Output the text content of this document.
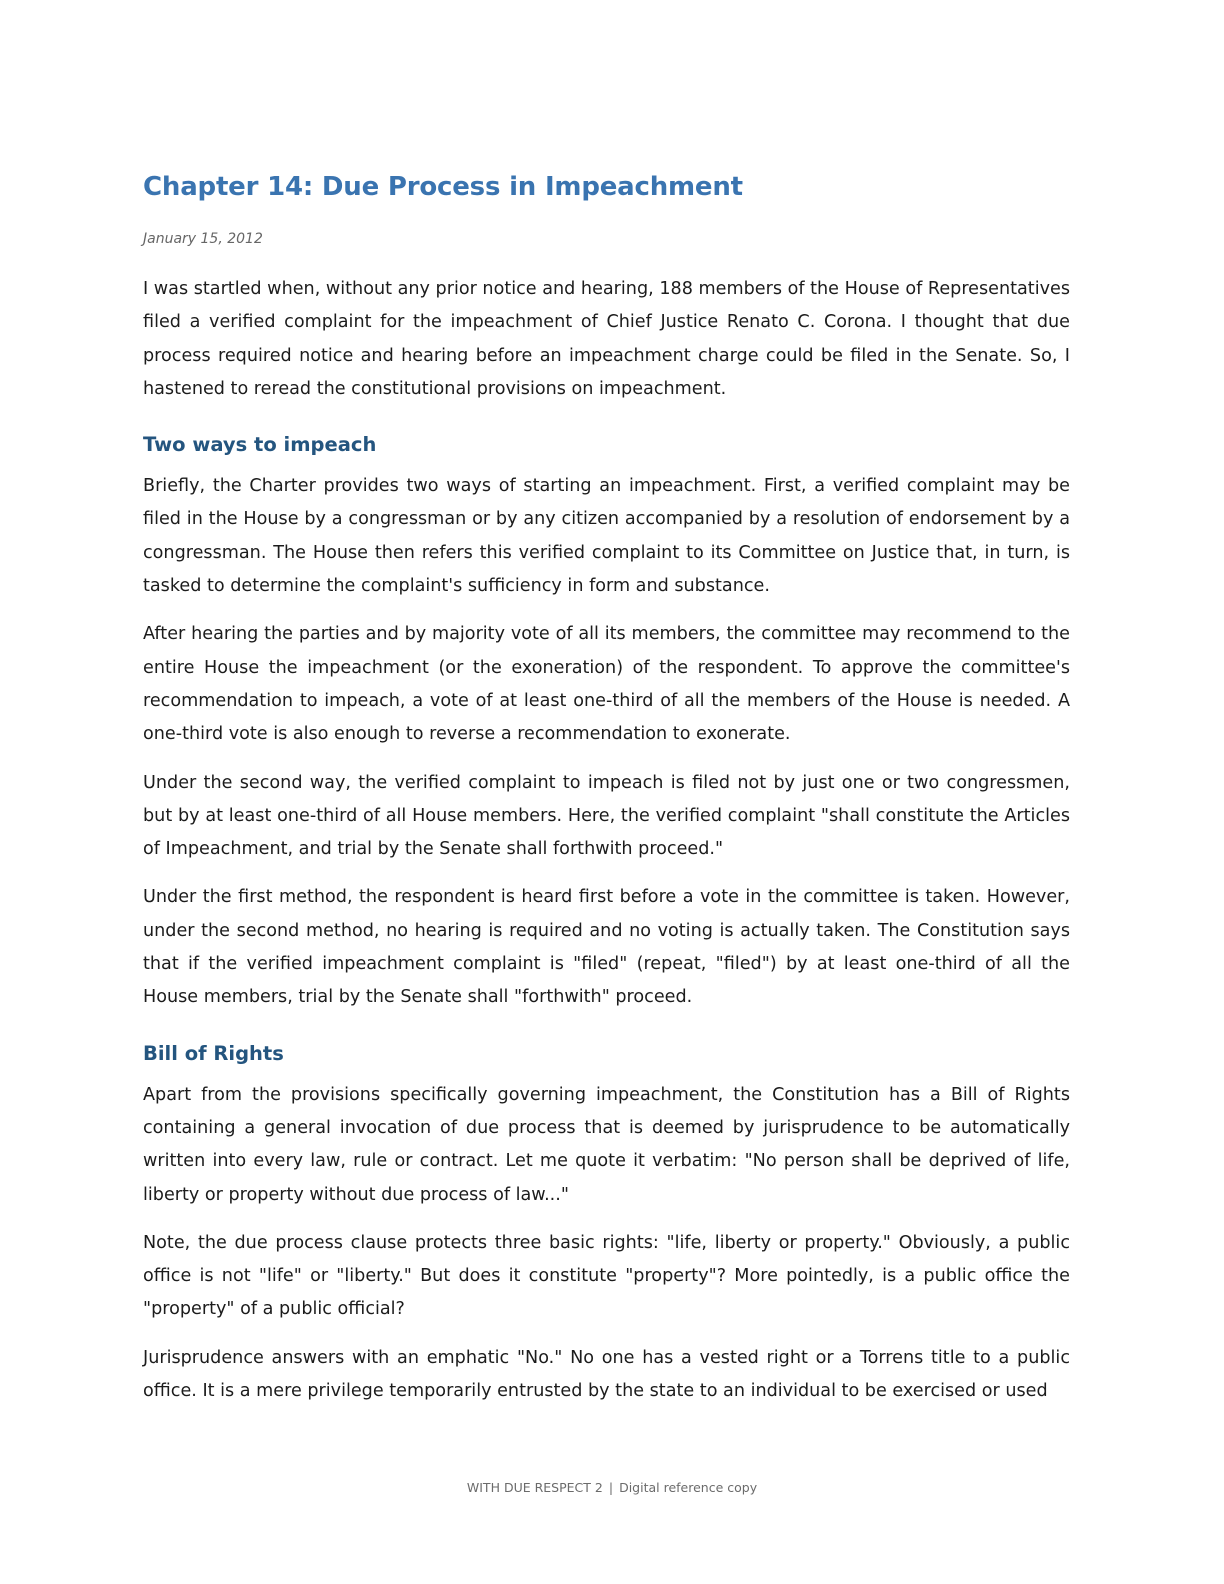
Chapter 14: Due Process in Impeachment

January 15, 2012

I was startled when, without any prior notice and hearing, 188 members of the House of Representatives filed a verified complaint for the impeachment of Chief Justice Renato C. Corona. I thought that due process required notice and hearing before an impeachment charge could be filed in the Senate. So, I hastened to reread the constitutional provisions on impeachment.

Two ways to impeach

Briefly, the Charter provides two ways of starting an impeachment. First, a verified complaint may be filed in the House by a congressman or by any citizen accompanied by a resolution of endorsement by a congressman. The House then refers this verified complaint to its Committee on Justice that, in turn, is tasked to determine the complaint's sufficiency in form and substance.

After hearing the parties and by majority vote of all its members, the committee may recommend to the entire House the impeachment (or the exoneration) of the respondent. To approve the committee's recommendation to impeach, a vote of at least one-third of all the members of the House is needed. A one-third vote is also enough to reverse a recommendation to exonerate.

Under the second way, the verified complaint to impeach is filed not by just one or two congressmen, but by at least one-third of all House members. Here, the verified complaint "shall constitute the Articles of Impeachment, and trial by the Senate shall forthwith proceed."

Under the first method, the respondent is heard first before a vote in the committee is taken. However, under the second method, no hearing is required and no voting is actually taken. The Constitution says that if the verified impeachment complaint is "filed" (repeat, "filed") by at least one-third of all the House members, trial by the Senate shall "forthwith" proceed.

Bill of Rights

Apart from the provisions specifically governing impeachment, the Constitution has a Bill of Rights containing a general invocation of due process that is deemed by jurisprudence to be automatically written into every law, rule or contract. Let me quote it verbatim: "No person shall be deprived of life, liberty or property without due process of law..."

Note, the due process clause protects three basic rights: "life, liberty or property." Obviously, a public office is not "life" or "liberty." But does it constitute "property"? More pointedly, is a public office the "property" of a public official?

Jurisprudence answers with an emphatic "No." No one has a vested right or a Torrens title to a public office. It is a mere privilege temporarily entrusted by the state to an individual to be exercised or used

WITH DUE RESPECT 2 | Digital reference copy
